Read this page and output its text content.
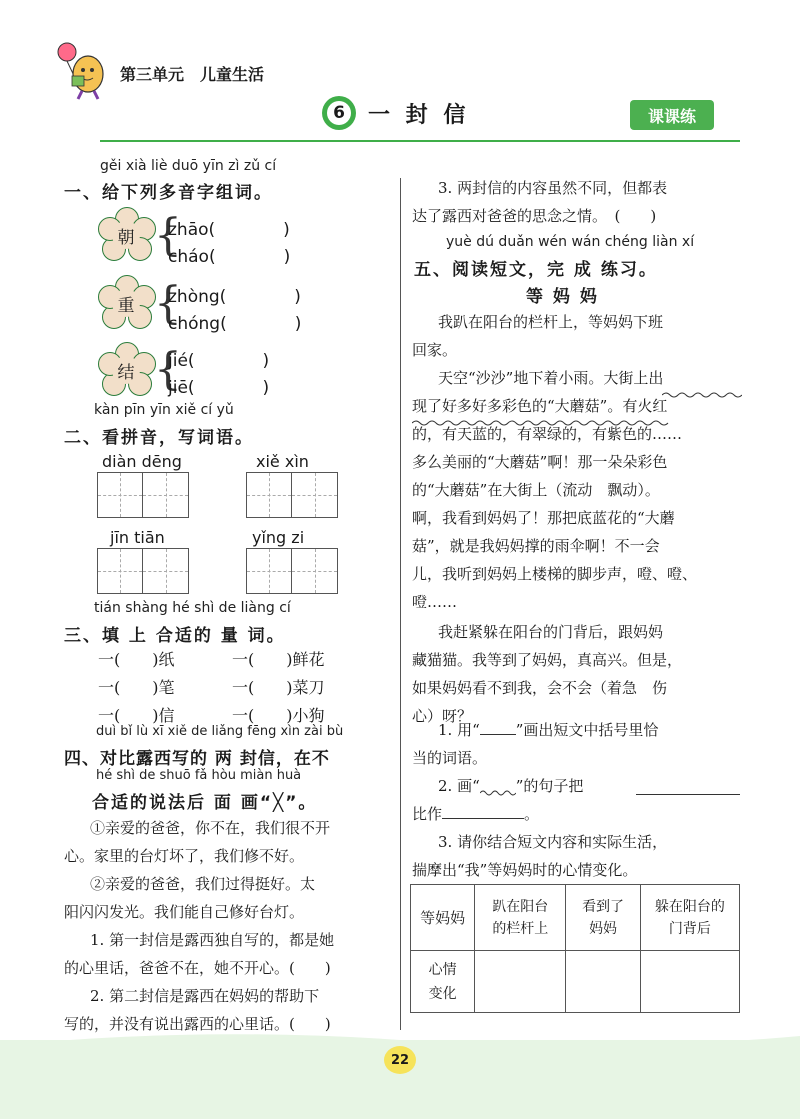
第三单元　儿童生活
6 一 封 信	课课练
gěi xià liè duō yīn zì zǔ cí
一、给下列多音字组词。
朝 {
zhāo(　　　　)
cháo(　　　　)
重 {
zhòng(　　　　)
chóng(　　　　)
结 {
jié(　　　　)
jiē(　　　　)
kàn pīn yīn xiě cí yǔ
二、看拼音，写词语。
diàn dēng	xiě xìn
jīn tiān	yǐng zi
tián shàng hé shì de liàng cí
三、填 上 合适的 量 词。
一(　　)纸	一(　　)鲜花
一(　　)笔	一(　　)菜刀
一(　　)信	一(　　)小狗
duì bǐ lù xī xiě de liǎng fēng xìn zài bù
四、对比露西写的 两 封信，在不
hé shì de shuō fǎ hòu miàn huà
合适的说法后 面 画“╳”。
①亲爱的爸爸，你不在，我们很不开
心。家里的台灯坏了，我们修不好。
②亲爱的爸爸，我们过得挺好。太
阳闪闪发光。我们能自己修好台灯。
1. 第一封信是露西独自写的，都是她
的心里话，爸爸不在，她不开心。(　　)
2. 第二封信是露西在妈妈的帮助下
写的，并没有说出露西的心里话。(　　)
3. 两封信的内容虽然不同，但都表
达了露西对爸爸的思念之情。　(　　)
yuè dú duǎn wén wán chéng liàn xí
五、阅读短文，完 成 练习。
等 妈 妈
我趴在阳台的栏杆上，等妈妈下班
回家。
天空“沙沙”地下着小雨。大街上出
现了好多好多彩色的“大蘑菇”。有火红
的，有天蓝的，有翠绿的，有紫色的……
多么美丽的“大蘑菇”啊！那一朵朵彩色
的“大蘑菇”在大街上（流动　飘动）。
啊，我看到妈妈了！那把底蓝花的“大蘑
菇”，就是我妈妈撑的雨伞啊！不一会
儿，我听到妈妈上楼梯的脚步声，噔、噔、
噔……
我赶紧躲在阳台的门背后，跟妈妈
藏猫猫。我等到了妈妈，真高兴。但是，
如果妈妈看不到我，会不会（着急　伤
心）呀？
1. 用“ ”画出短文中括号里恰
当的词语。
2. 画“ ”的句子把
比作	。
3. 请你结合短文内容和实际生活，
揣摩出“我”等妈妈时的心情变化。
等妈妈	趴在阳台的栏杆上	看到了妈妈	躲在阳台的门背后

心情变化			

22
